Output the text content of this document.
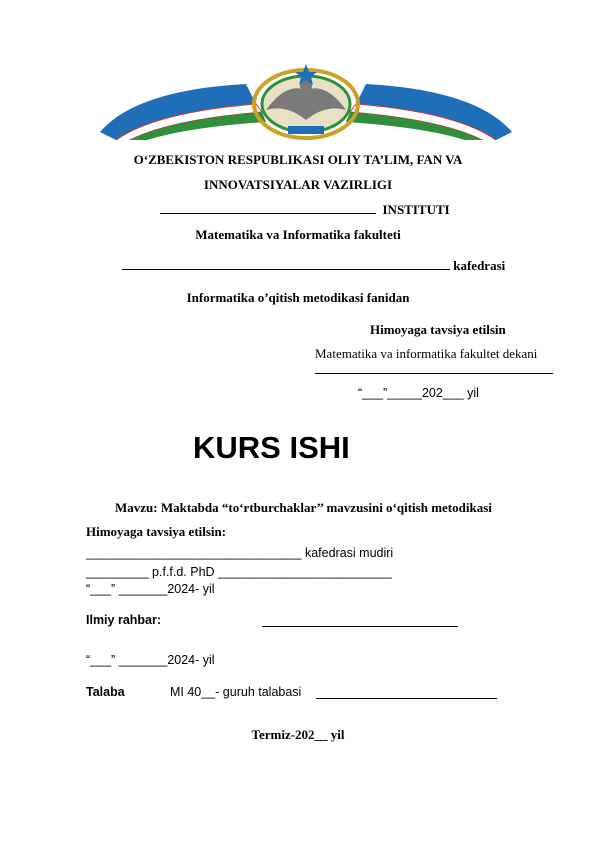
O‘ZBEKISTON RESPUBLIKASI OLIY TA’LIM, FAN VA
INNOVATSIYALAR VAZIRLIGI
INSTITUTI
Matematika va Informatika fakulteti
kafedrasi
Informatika o’qitish metodikasi fanidan
Himoyaga tavsiya etilsin
Matematika va informatika fakultet dekani
“___”_____202___ yil
KURS ISHI
Mavzu: Maktabda “to‘rtburchaklar’’ mavzusini o‘qitish metodikasi
Himoyaga tavsiya etilsin:
_______________________________ kafedrasi mudiri
_________ p.f.f.d. PhD _________________________
“___” _______2024- yil
Ilmiy rahbar:
“___” _______2024- yil
Talaba	MI 40__- guruh talabasi
Termiz-202__ yil
